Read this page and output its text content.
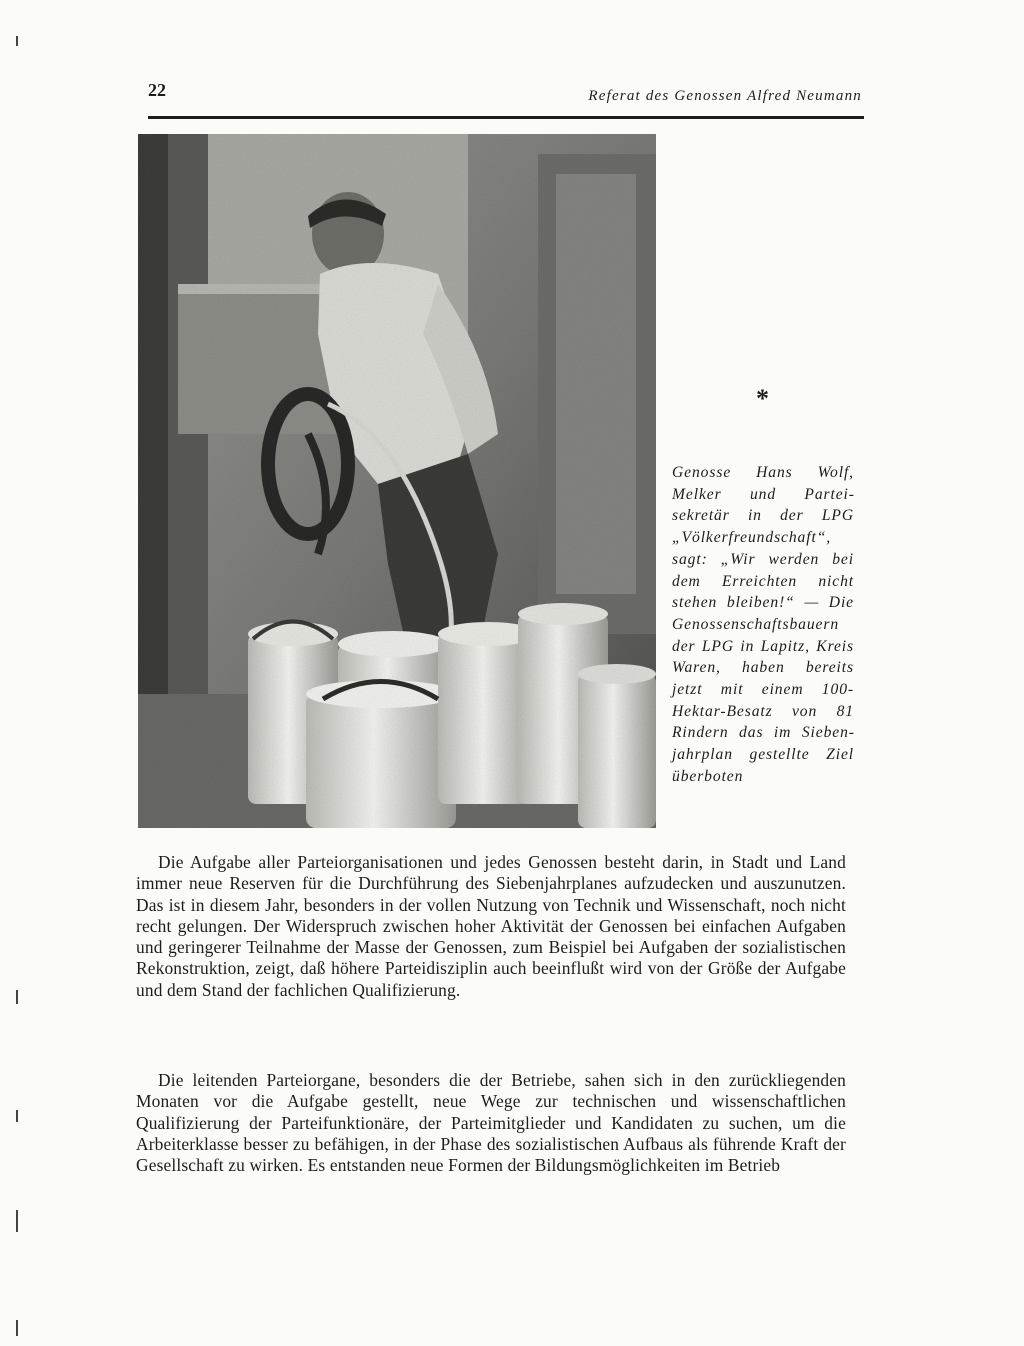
22	Referat des Genossen Alfred Neumann
*
Genosse Hans Wolf, Melker und Parteisekretär in der LPG „Völkerfreundschaft“, sagt: „Wir werden bei dem Erreichten nicht stehen bleiben!“ — Die Genossenschaftsbauern der LPG in Lapitz, Kreis Waren, haben bereits jetzt mit einem 100-Hektar-Besatz von 81 Rindern das im Siebenjahrplan gestellte Ziel überboten
Die Aufgabe aller Parteiorganisationen und jedes Genossen besteht darin, in Stadt und Land immer neue Reserven für die Durchführung des Siebenjahrplanes aufzudecken und auszunutzen. Das ist in diesem Jahr, besonders in der vollen Nutzung von Technik und Wissenschaft, noch nicht recht gelungen. Der Widerspruch zwischen hoher Aktivität der Genossen bei einfachen Aufgaben und geringerer Teilnahme der Masse der Genossen, zum Beispiel bei Aufgaben der sozialistischen Rekonstruktion, zeigt, daß höhere Parteidisziplin auch beeinflußt wird von der Größe der Aufgabe und dem Stand der fachlichen Qualifizierung.
Die leitenden Parteiorgane, besonders die der Betriebe, sahen sich in den zurückliegenden Monaten vor die Aufgabe gestellt, neue Wege zur technischen und wissenschaftlichen Qualifizierung der Parteifunktionäre, der Parteimitglieder und Kandidaten zu suchen, um die Arbeiterklasse besser zu befähigen, in der Phase des sozialistischen Aufbaus als führende Kraft der Gesellschaft zu wirken. Es entstanden neue Formen der Bildungsmöglichkeiten im Betrieb
